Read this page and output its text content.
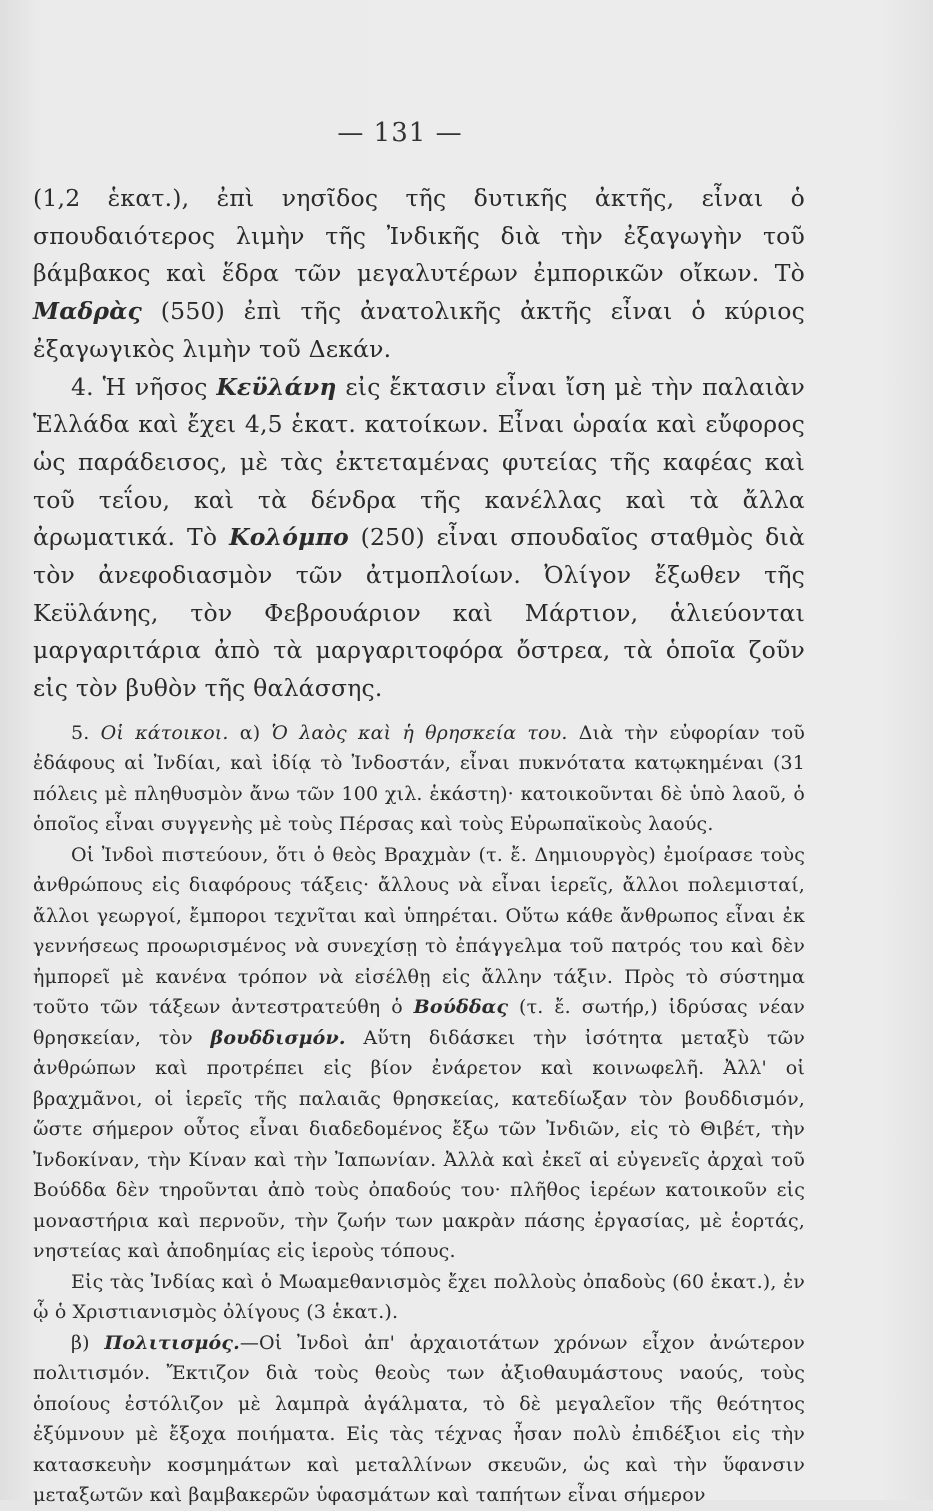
— 131 —

(1,2 ἑκατ.), ἐπὶ νησῖδος τῆς δυτικῆς ἀκτῆς, εἶναι ὁ σπουδαιότερος λιμὴν τῆς Ἰνδικῆς διὰ τὴν ἐξαγωγὴν τοῦ βάμβακος καὶ ἕδρα τῶν μεγαλυτέρων ἐμπορικῶν οἴκων. Τὸ Μαδρὰς (550) ἐπὶ τῆς ἀνατολικῆς ἀκτῆς εἶναι ὁ κύριος ἐξαγωγικὸς λιμὴν τοῦ Δεκάν.

4. Ἡ νῆσος Κεϋλάνη εἰς ἔκτασιν εἶναι ἴση μὲ τὴν παλαιὰν Ἑλλάδα καὶ ἔχει 4,5 ἑκατ. κατοίκων. Εἶναι ὡραία καὶ εὔφορος ὡς παράδεισος, μὲ τὰς ἐκτεταμένας φυτείας τῆς καφέας καὶ τοῦ τεΐου, καὶ τὰ δένδρα τῆς κανέλλας καὶ τὰ ἄλλα ἀρωματικά. Τὸ Κολόμπο (250) εἶναι σπουδαῖος σταθμὸς διὰ τὸν ἀνεφοδιασμὸν τῶν ἀτμοπλοίων. Ὀλίγον ἔξωθεν τῆς Κεϋλάνης, τὸν Φεβρουάριον καὶ Μάρτιον, ἁλιεύονται μαργαριτάρια ἀπὸ τὰ μαργαριτοφόρα ὄστρεα, τὰ ὁποῖα ζοῦν εἰς τὸν βυθὸν τῆς θαλάσσης.

5. Οἱ κάτοικοι. α) Ὁ λαὸς καὶ ἡ θρησκεία του. Διὰ τὴν εὐφορίαν τοῦ ἐδάφους αἱ Ἰνδίαι, καὶ ἰδίᾳ τὸ Ἰνδοστάν, εἶναι πυκνότατα κατῳκημέναι (31 πόλεις μὲ πληθυσμὸν ἄνω τῶν 100 χιλ. ἑκάστη)· κατοικοῦνται δὲ ὑπὸ λαοῦ, ὁ ὁποῖος εἶναι συγγενὴς μὲ τοὺς Πέρσας καὶ τοὺς Εὐρωπαϊκοὺς λαούς.

Οἱ Ἰνδοὶ πιστεύουν, ὅτι ὁ θεὸς Βραχμὰν (τ. ἔ. Δημιουργὸς) ἐμοίρασε τοὺς ἀνθρώπους εἰς διαφόρους τάξεις· ἄλλους νὰ εἶναι ἱερεῖς, ἄλλοι πολεμισταί, ἄλλοι γεωργοί, ἔμποροι τεχνῖται καὶ ὑπηρέται. Οὕτω κάθε ἄνθρωπος εἶναι ἐκ γεννήσεως προωρισμένος νὰ συνεχίσῃ τὸ ἐπάγγελμα τοῦ πατρός του καὶ δὲν ἠμπορεῖ μὲ κανένα τρόπον νὰ εἰσέλθῃ εἰς ἄλλην τάξιν. Πρὸς τὸ σύστημα τοῦτο τῶν τάξεων ἀντεστρατεύθη ὁ Βούδδας (τ. ἔ. σωτήρ,) ἱδρύσας νέαν θρησκείαν, τὸν βουδδισμόν. Αὕτη διδάσκει τὴν ἰσότητα μεταξὺ τῶν ἀνθρώπων καὶ προτρέπει εἰς βίον ἐνάρετον καὶ κοινωφελῆ. Ἀλλ' οἱ βραχμᾶνοι, οἱ ἱερεῖς τῆς παλαιᾶς θρησκείας, κατεδίωξαν τὸν βουδδισμόν, ὥστε σήμερον οὗτος εἶναι διαδεδομένος ἔξω τῶν Ἰνδιῶν, εἰς τὸ Θιβέτ, τὴν Ἰνδοκίναν, τὴν Κίναν καὶ τὴν Ἰαπωνίαν. Ἀλλὰ καὶ ἐκεῖ αἱ εὐγενεῖς ἀρχαὶ τοῦ Βούδδα δὲν τηροῦνται ἀπὸ τοὺς ὀπαδούς του· πλῆθος ἱερέων κατοικοῦν εἰς μοναστήρια καὶ περνοῦν, τὴν ζωήν των μακρὰν πάσης ἐργασίας, μὲ ἑορτάς, νηστείας καὶ ἀποδημίας εἰς ἱεροὺς τόπους.

Εἰς τὰς Ἰνδίας καὶ ὁ Μωαμεθανισμὸς ἔχει πολλοὺς ὀπαδοὺς (60 ἑκατ.), ἐν ᾧ ὁ Χριστιανισμὸς ὀλίγους (3 ἑκατ.).

β) Πολιτισμός.—Οἱ Ἰνδοὶ ἀπ' ἀρχαιοτάτων χρόνων εἶχον ἀνώτερον πολιτισμόν. Ἔκτιζον διὰ τοὺς θεοὺς των ἀξιοθαυμάστους ναούς, τοὺς ὁποίους ἐστόλιζον μὲ λαμπρὰ ἀγάλματα, τὸ δὲ μεγαλεῖον τῆς θεότητος ἐξύμνουν μὲ ἔξοχα ποιήματα. Εἰς τὰς τέχνας ἦσαν πολὺ ἐπιδέξιοι εἰς τὴν κατασκευὴν κοσμημάτων καὶ μεταλλίνων σκευῶν, ὡς καὶ τὴν ὕφανσιν μεταξωτῶν καὶ βαμβακερῶν ὑφασμάτων καὶ ταπήτων εἶναι σήμερον
